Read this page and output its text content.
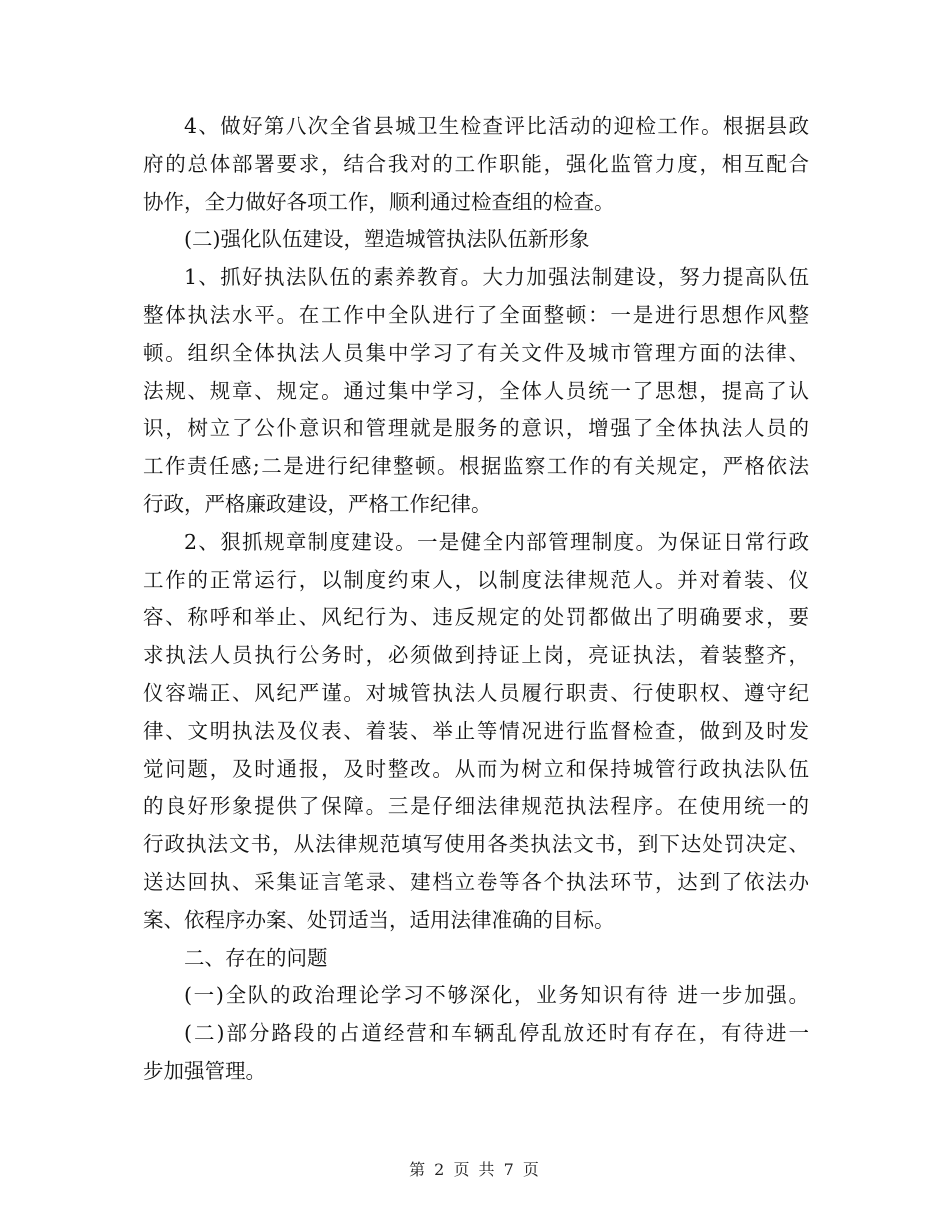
4、做好第八次全省县城卫生检查评比活动的迎检工作。根据县政
府的总体部署要求，结合我对的工作职能，强化监管力度，相互配合
协作，全力做好各项工作，顺利通过检查组的检查。
(二)强化队伍建设，塑造城管执法队伍新形象
1、抓好执法队伍的素养教育。大力加强法制建设，努力提高队伍
整体执法水平。在工作中全队进行了全面整顿：一是进行思想作风整
顿。组织全体执法人员集中学习了有关文件及城市管理方面的法律、
法规、规章、规定。通过集中学习，全体人员统一了思想，提高了认
识，树立了公仆意识和管理就是服务的意识，增强了全体执法人员的
工作责任感;二是进行纪律整顿。根据监察工作的有关规定，严格依法
行政，严格廉政建设，严格工作纪律。
2、狠抓规章制度建设。一是健全内部管理制度。为保证日常行政
工作的正常运行，以制度约束人，以制度法律规范人。并对着装、仪
容、称呼和举止、风纪行为、违反规定的处罚都做出了明确要求，要
求执法人员执行公务时，必须做到持证上岗，亮证执法，着装整齐，
仪容端正、风纪严谨。对城管执法人员履行职责、行使职权、遵守纪
律、文明执法及仪表、着装、举止等情况进行监督检查，做到及时发
觉问题，及时通报，及时整改。从而为树立和保持城管行政执法队伍
的良好形象提供了保障。三是仔细法律规范执法程序。在使用统一的
行政执法文书，从法律规范填写使用各类执法文书，到下达处罚决定、
送达回执、采集证言笔录、建档立卷等各个执法环节，达到了依法办
案、依程序办案、处罚适当，适用法律准确的目标。
二、存在的问题
(一)全队的政治理论学习不够深化，业务知识有待 进一步加强。
(二)部分路段的占道经营和车辆乱停乱放还时有存在，有待进一
步加强管理。
第 2 页 共 7 页
